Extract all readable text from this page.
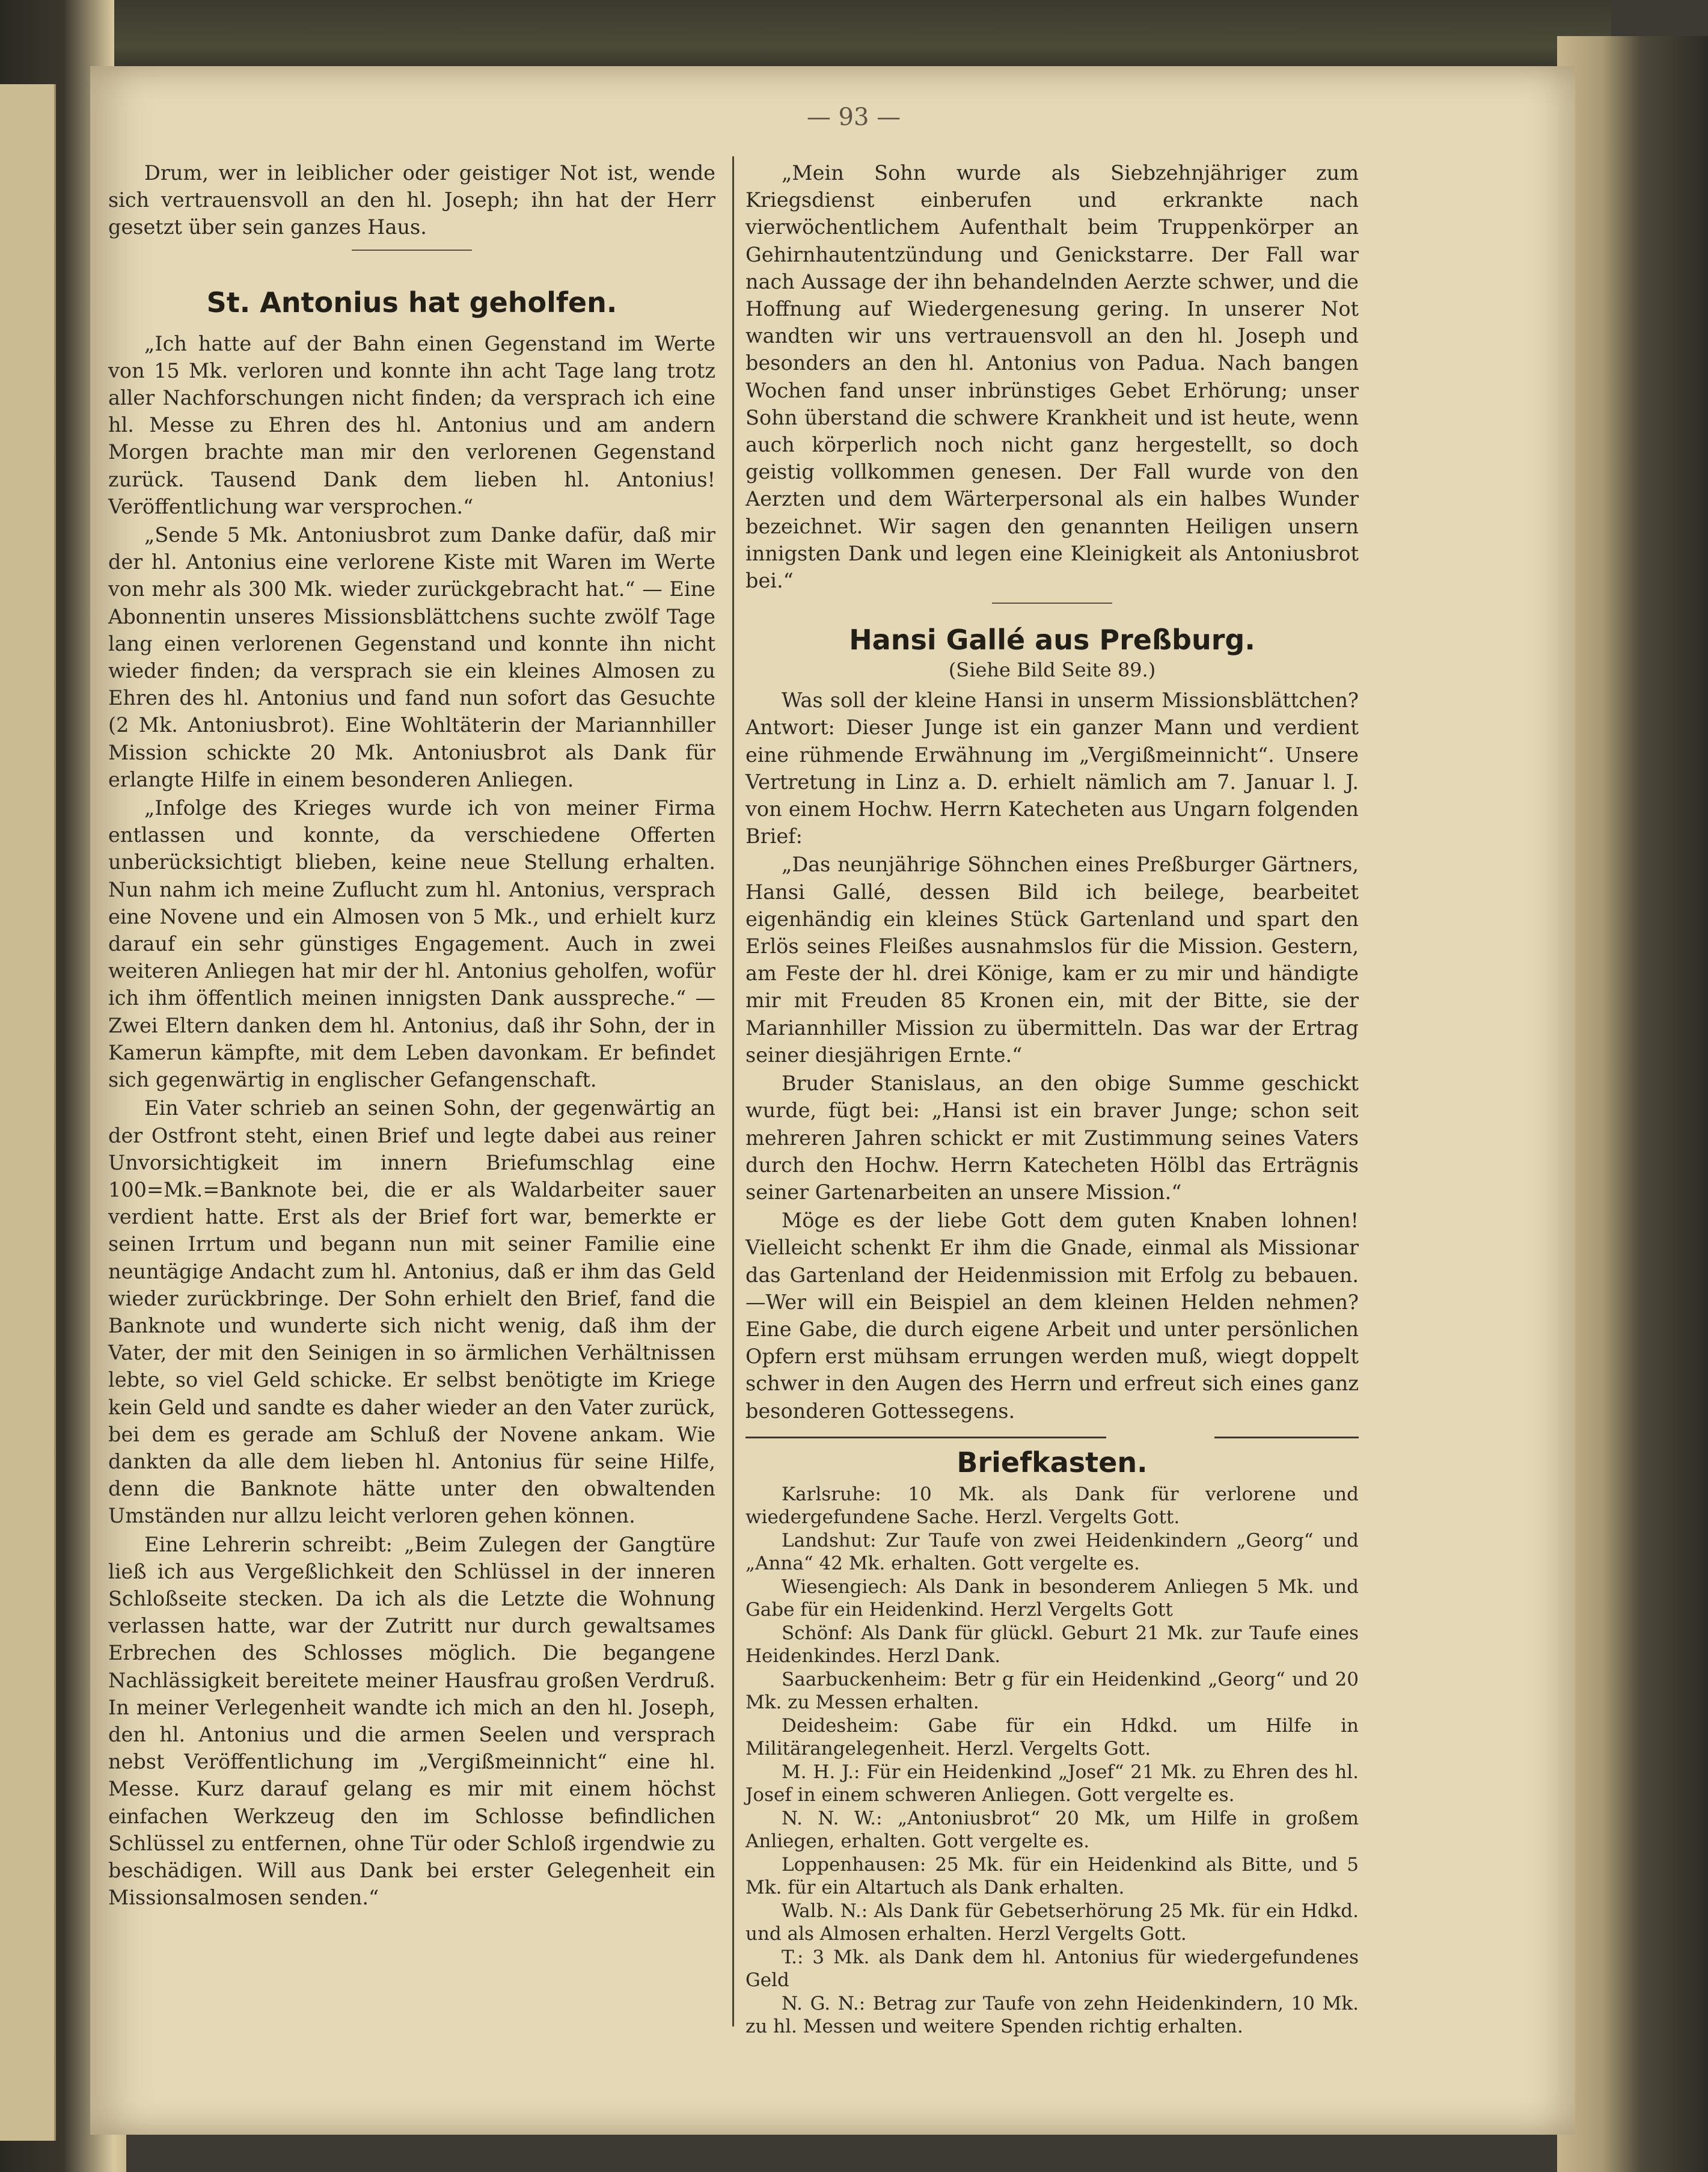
— 93 —

Drum, wer in leiblicher oder geistiger Not ist, wende sich vertrauensvoll an den hl. Joseph; ihn hat der Herr gesetzt über sein ganzes Haus.

St. Antonius hat geholfen.

„Ich hatte auf der Bahn einen Gegenstand im Werte von 15 Mk. verloren und konnte ihn acht Tage lang trotz aller Nachforschungen nicht finden; da versprach ich eine hl. Messe zu Ehren des hl. Antonius und am andern Morgen brachte man mir den verlorenen Gegenstand zurück. Tausend Dank dem lieben hl. Antonius! Veröffentlichung war versprochen.“

„Sende 5 Mk. Antoniusbrot zum Danke dafür, daß mir der hl. Antonius eine verlorene Kiste mit Waren im Werte von mehr als 300 Mk. wieder zurückgebracht hat.“ — Eine Abonnentin unseres Missionsblättchens suchte zwölf Tage lang einen verlorenen Gegenstand und konnte ihn nicht wieder finden; da versprach sie ein kleines Almosen zu Ehren des hl. Antonius und fand nun sofort das Gesuchte (2 Mk. Antoniusbrot). Eine Wohltäterin der Mariannhiller Mission schickte 20 Mk. Antoniusbrot als Dank für erlangte Hilfe in einem besonderen Anliegen.

„Infolge des Krieges wurde ich von meiner Firma entlassen und konnte, da verschiedene Offerten unberücksichtigt blieben, keine neue Stellung erhalten. Nun nahm ich meine Zuflucht zum hl. Antonius, versprach eine Novene und ein Almosen von 5 Mk., und erhielt kurz darauf ein sehr günstiges Engagement. Auch in zwei weiteren Anliegen hat mir der hl. Antonius geholfen, wofür ich ihm öffentlich meinen innigsten Dank ausspreche.“ — Zwei Eltern danken dem hl. Antonius, daß ihr Sohn, der in Kamerun kämpfte, mit dem Leben davonkam. Er befindet sich gegenwärtig in englischer Gefangenschaft.

Ein Vater schrieb an seinen Sohn, der gegenwärtig an der Ostfront steht, einen Brief und legte dabei aus reiner Unvorsichtigkeit im innern Briefumschlag eine 100=Mk.=Banknote bei, die er als Waldarbeiter sauer verdient hatte. Erst als der Brief fort war, bemerkte er seinen Irrtum und begann nun mit seiner Familie eine neuntägige Andacht zum hl. Antonius, daß er ihm das Geld wieder zurückbringe. Der Sohn erhielt den Brief, fand die Banknote und wunderte sich nicht wenig, daß ihm der Vater, der mit den Seinigen in so ärmlichen Verhältnissen lebte, so viel Geld schicke. Er selbst benötigte im Kriege kein Geld und sandte es daher wieder an den Vater zurück, bei dem es gerade am Schluß der Novene ankam. Wie dankten da alle dem lieben hl. Antonius für seine Hilfe, denn die Banknote hätte unter den obwaltenden Umständen nur allzu leicht verloren gehen können.

Eine Lehrerin schreibt: „Beim Zulegen der Gangtüre ließ ich aus Vergeßlichkeit den Schlüssel in der inneren Schloßseite stecken. Da ich als die Letzte die Wohnung verlassen hatte, war der Zutritt nur durch gewaltsames Erbrechen des Schlosses möglich. Die begangene Nachlässigkeit bereitete meiner Hausfrau großen Verdruß. In meiner Verlegenheit wandte ich mich an den hl. Joseph, den hl. Antonius und die armen Seelen und versprach nebst Veröffentlichung im „Vergißmeinnicht“ eine hl. Messe. Kurz darauf gelang es mir mit einem höchst einfachen Werkzeug den im Schlosse befindlichen Schlüssel zu entfernen, ohne Tür oder Schloß irgendwie zu beschädigen. Will aus Dank bei erster Gelegenheit ein Missionsalmosen senden.“

„Mein Sohn wurde als Siebzehnjähriger zum Kriegsdienst einberufen und erkrankte nach vierwöchentlichem Aufenthalt beim Truppenkörper an Gehirnhautentzündung und Genickstarre. Der Fall war nach Aussage der ihn behandelnden Aerzte schwer, und die Hoffnung auf Wiedergenesung gering. In unserer Not wandten wir uns vertrauensvoll an den hl. Joseph und besonders an den hl. Antonius von Padua. Nach bangen Wochen fand unser inbrünstiges Gebet Erhörung; unser Sohn überstand die schwere Krankheit und ist heute, wenn auch körperlich noch nicht ganz hergestellt, so doch geistig vollkommen genesen. Der Fall wurde von den Aerzten und dem Wärterpersonal als ein halbes Wunder bezeichnet. Wir sagen den genannten Heiligen unsern innigsten Dank und legen eine Kleinigkeit als Antoniusbrot bei.“

Hansi Gallé aus Preßburg.
(Siehe Bild Seite 89.)

Was soll der kleine Hansi in unserm Missionsblättchen? Antwort: Dieser Junge ist ein ganzer Mann und verdient eine rühmende Erwähnung im „Vergißmeinnicht“. Unsere Vertretung in Linz a. D. erhielt nämlich am 7. Januar l. J. von einem Hochw. Herrn Katecheten aus Ungarn folgenden Brief:

„Das neunjährige Söhnchen eines Preßburger Gärtners, Hansi Gallé, dessen Bild ich beilege, bearbeitet eigenhändig ein kleines Stück Gartenland und spart den Erlös seines Fleißes ausnahmslos für die Mission. Gestern, am Feste der hl. drei Könige, kam er zu mir und händigte mir mit Freuden 85 Kronen ein, mit der Bitte, sie der Mariannhiller Mission zu übermitteln. Das war der Ertrag seiner diesjährigen Ernte.“

Bruder Stanislaus, an den obige Summe geschickt wurde, fügt bei: „Hansi ist ein braver Junge; schon seit mehreren Jahren schickt er mit Zustimmung seines Vaters durch den Hochw. Herrn Katecheten Hölbl das Erträgnis seiner Gartenarbeiten an unsere Mission.“

Möge es der liebe Gott dem guten Knaben lohnen! Vielleicht schenkt Er ihm die Gnade, einmal als Missionar das Gartenland der Heidenmission mit Erfolg zu bebauen. —Wer will ein Beispiel an dem kleinen Helden nehmen? Eine Gabe, die durch eigene Arbeit und unter persönlichen Opfern erst mühsam errungen werden muß, wiegt doppelt schwer in den Augen des Herrn und erfreut sich eines ganz besonderen Gottessegens.

Briefkasten.

Karlsruhe: 10 Mk. als Dank für verlorene und wiedergefundene Sache. Herzl. Vergelts Gott.

Landshut: Zur Taufe von zwei Heidenkindern „Georg“ und „Anna“ 42 Mk. erhalten. Gott vergelte es.

Wiesengiech: Als Dank in besonderem Anliegen 5 Mk. und Gabe für ein Heidenkind. Herzl Vergelts Gott

Schönf: Als Dank für glückl. Geburt 21 Mk. zur Taufe eines Heidenkindes. Herzl Dank.

Saarbuckenheim: Betr g für ein Heidenkind „Georg“ und 20 Mk. zu Messen erhalten.

Deidesheim: Gabe für ein Hdkd. um Hilfe in Militärangelegenheit. Herzl. Vergelts Gott.

M. H. J.: Für ein Heidenkind „Josef“ 21 Mk. zu Ehren des hl. Josef in einem schweren Anliegen. Gott vergelte es.

N. N. W.: „Antoniusbrot“ 20 Mk, um Hilfe in großem Anliegen, erhalten. Gott vergelte es.

Loppenhausen: 25 Mk. für ein Heidenkind als Bitte, und 5 Mk. für ein Altartuch als Dank erhalten.

Walb. N.: Als Dank für Gebetserhörung 25 Mk. für ein Hdkd. und als Almosen erhalten. Herzl Vergelts Gott.

T.: 3 Mk. als Dank dem hl. Antonius für wiedergefundenes Geld

N. G. N.: Betrag zur Taufe von zehn Heidenkindern, 10 Mk. zu hl. Messen und weitere Spenden richtig erhalten.
